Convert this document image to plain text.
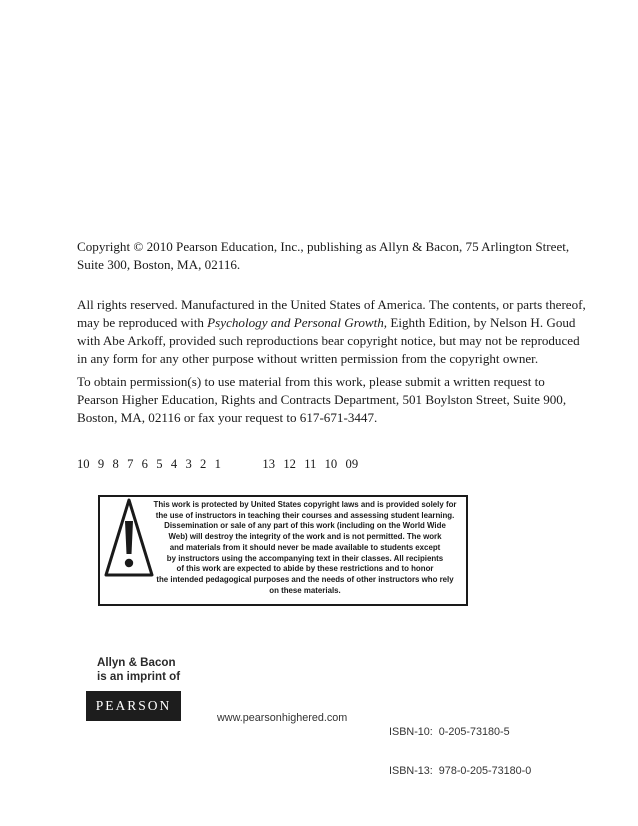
Copyright © 2010 Pearson Education, Inc., publishing as Allyn & Bacon, 75 Arlington Street,
Suite 300, Boston, MA, 02116.

All rights reserved. Manufactured in the United States of America. The contents, or parts thereof,
may be reproduced with Psychology and Personal Growth, Eighth Edition, by Nelson H. Goud
with Abe Arkoff, provided such reproductions bear copyright notice, but may not be reproduced
in any form for any other purpose without written permission from the copyright owner.

To obtain permission(s) to use material from this work, please submit a written request to
Pearson Higher Education, Rights and Contracts Department, 501 Boylston Street, Suite 900,
Boston, MA, 02116 or fax your request to 617-671-3447.

10  9  8  7  6  5  4  3  2  1	13  12  11  10  09

This work is protected by United States copyright laws and is provided solely for
the use of instructors in teaching their courses and assessing student learning.
Dissemination or sale of any part of this work (including on the World Wide
Web) will destroy the integrity of the work and is not permitted. The work
and materials from it should never be made available to students except
by instructors using the accompanying text in their classes. All recipients
of this work are expected to abide by these restrictions and to honor
the intended pedagogical purposes and the needs of other instructors who rely
on these materials.

Allyn & Bacon
is an imprint of
PEARSON
www.pearsonhighered.com

ISBN-10:  0-205-73180-5

ISBN-13:  978-0-205-73180-0
